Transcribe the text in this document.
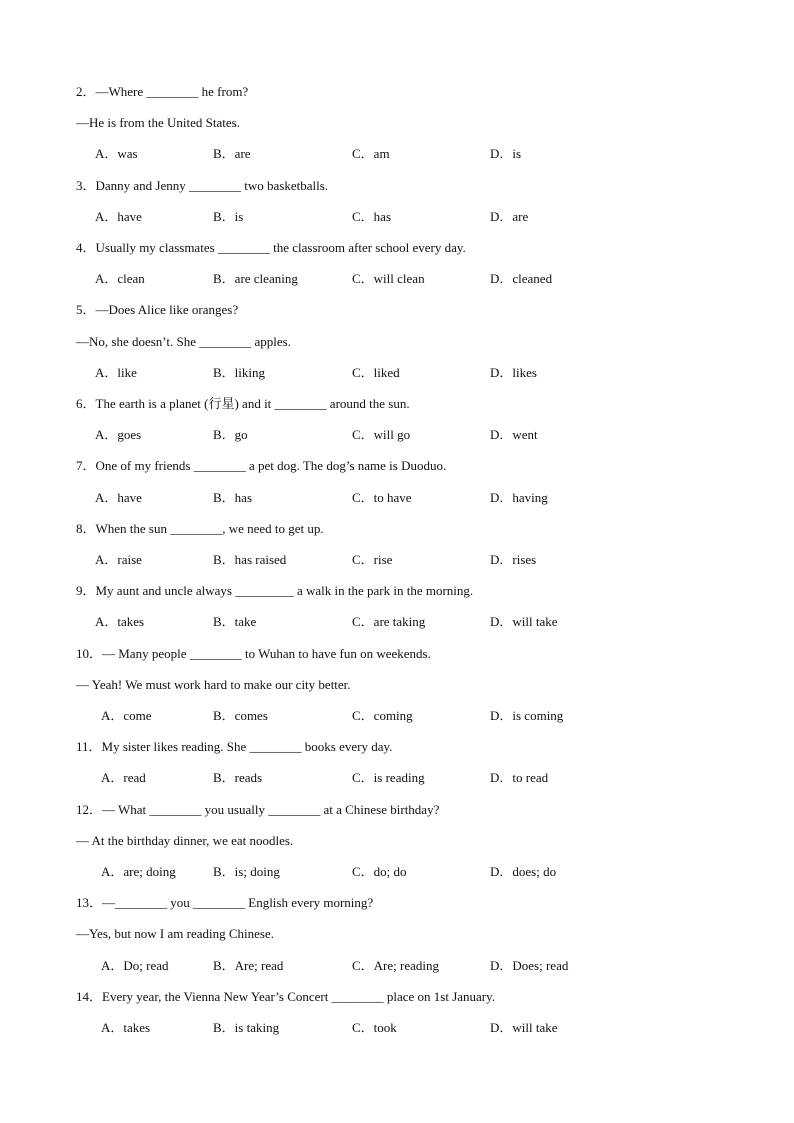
2．—Where ________ he from?
—He is from the United States.
A．was	B．are	C．am	D．is
3．Danny and Jenny ________ two basketballs.
A．have	B．is	C．has	D．are
4．Usually my classmates ________ the classroom after school every day.
A．clean	B．are cleaning	C．will clean	D．cleaned
5．—Does Alice like oranges?
—No, she doesn’t. She ________ apples.
A．like	B．liking	C．liked	D．likes
6．The earth is a planet (行星) and it ________ around the sun.
A．goes	B．go	C．will go	D．went
7．One of my friends ________ a pet dog. The dog’s name is Duoduo.
A．have	B．has	C．to have	D．having
8．When the sun ________, we need to get up.
A．raise	B．has raised	C．rise	D．rises
9．My aunt and uncle always _________ a walk in the park in the morning.
A．takes	B．take	C．are taking	D．will take
10．— Many people ________ to Wuhan to have fun on weekends.
— Yeah! We must work hard to make our city better.
A．come	B．comes	C．coming	D．is coming
11．My sister likes reading. She ________ books every day.
A．read	B．reads	C．is reading	D．to read
12．— What ________ you usually ________ at a Chinese birthday?
— At the birthday dinner, we eat noodles.
A．are; doing	B．is; doing	C．do; do	D．does; do
13．—________ you ________ English every morning?
—Yes, but now I am reading Chinese.
A．Do; read	B．Are; read	C．Are; reading	D．Does; read
14．Every year, the Vienna New Year’s Concert ________ place on 1st January.
A．takes	B．is taking	C．took	D．will take
